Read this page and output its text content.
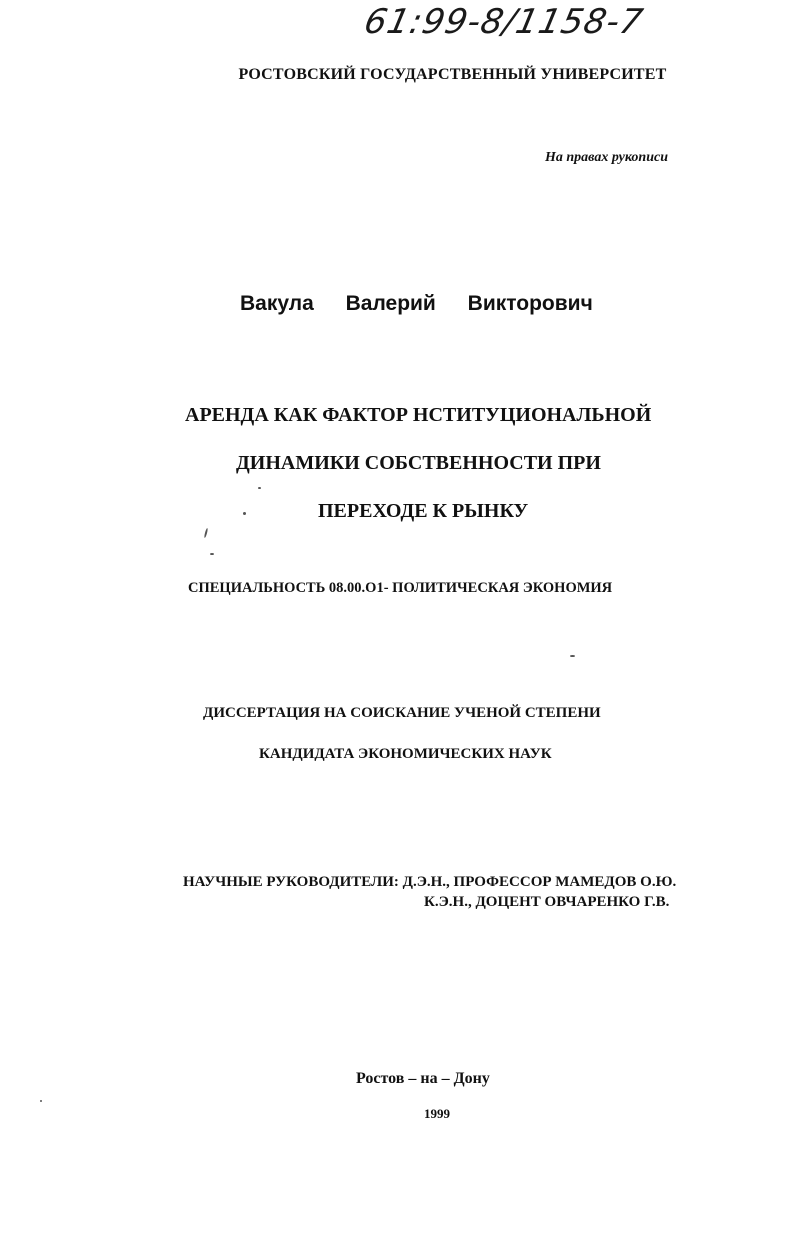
61:99-8/1158-7
РОСТОВСКИЙ ГОСУДАРСТВЕННЫЙ УНИВЕРСИТЕТ
На правах рукописи
Вакула Валерий Викторович
АРЕНДА КАК ФАКТОР НСТИТУЦИОНАЛЬНОЙ
ДИНАМИКИ СОБСТВЕННОСТИ ПРИ
ПЕРЕХОДЕ К РЫНКУ
СПЕЦИАЛЬНОСТЬ 08.00.О1- ПОЛИТИЧЕСКАЯ ЭКОНОМИЯ
ДИССЕРТАЦИЯ НА СОИСКАНИЕ УЧЕНОЙ СТЕПЕНИ
КАНДИДАТА ЭКОНОМИЧЕСКИХ НАУК
НАУЧНЫЕ РУКОВОДИТЕЛИ: Д.Э.Н., ПРОФЕССОР МАМЕДОВ О.Ю.
К.Э.Н., ДОЦЕНТ ОВЧАРЕНКО Г.В.
Ростов – на – Дону
1999
